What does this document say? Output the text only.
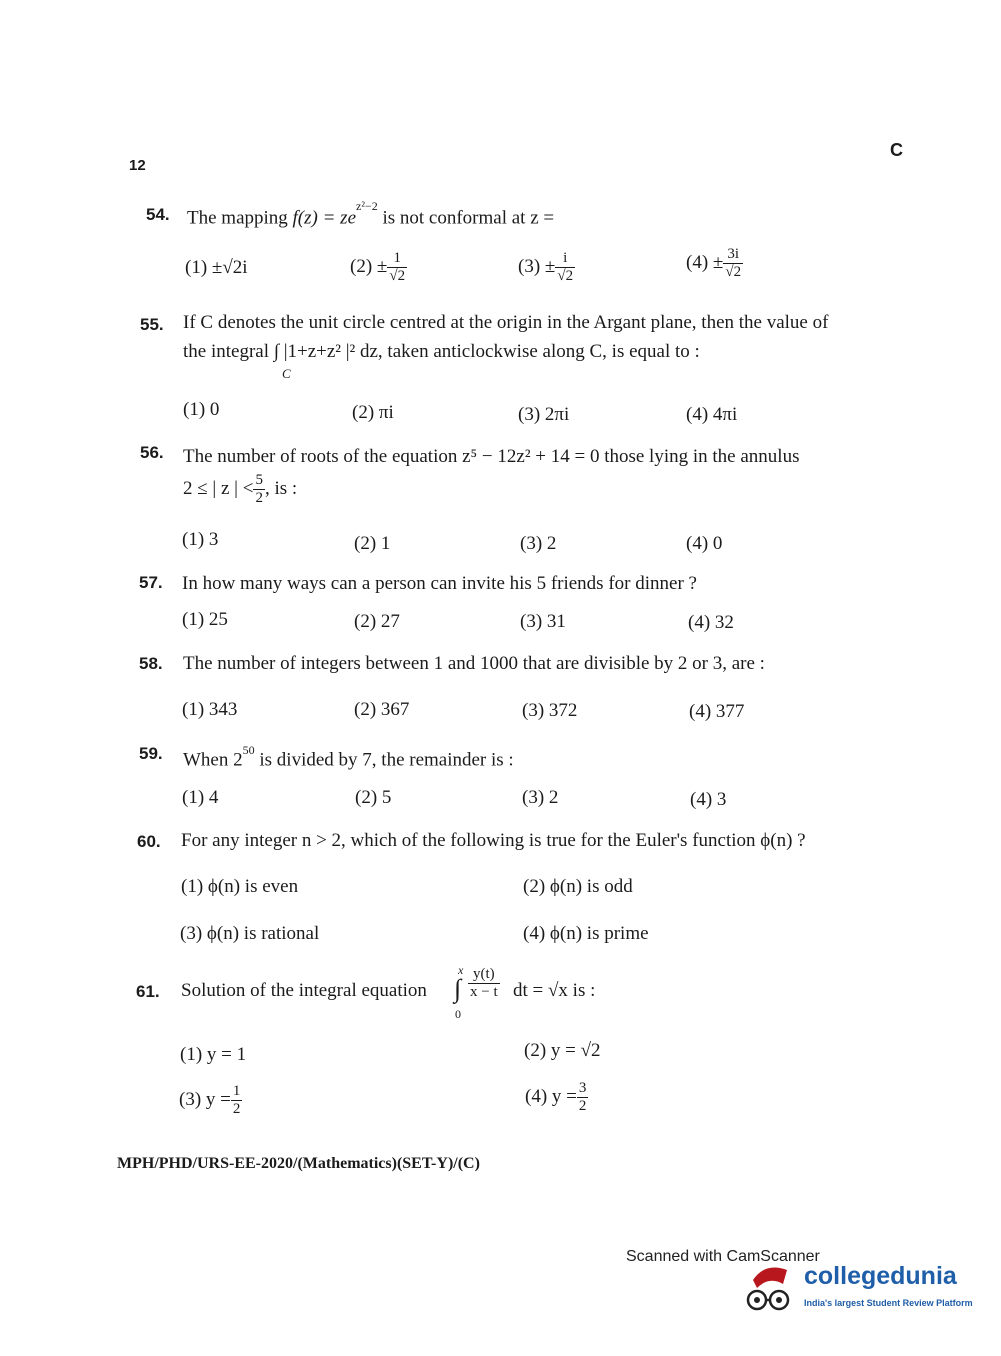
12
C
54. The mapping $f(z) = ze^{z^2-2}$ is not conformal at z =
(1) ±√2i	$(2) \pm \frac{1}{√2}$	$(3) \pm \frac{i}{√2}$	$(4) \pm \frac{3i}{√2}$
55. If C denotes the unit circle centred at the origin in the Argant plane, then the value of
the integral ∫ |1+z+z² |² dz, taken anticlockwise along C, is equal to :
C
(1) 0	(2) πi	(3) 2πi	(4) 4πi
56. The number of roots of the equation z⁵ − 12z² + 14 = 0 those lying in the annulus
2 ≤ | z | < $\frac{5}{2}$ , is :
(1) 3	(2) 1	(3) 2	(4) 0
57. In how many ways can a person can invite his 5 friends for dinner ?
(1) 25	(2) 27	(3) 31	(4) 32
58. The number of integers between 1 and 1000 that are divisible by 2 or 3, are :
(1) 343	(2) 367	(3) 372	(4) 377
59. When $2^{50}$ is divided by 7, the remainder is :
(1) 4	(2) 5	(3) 2	(4) 3
60. For any integer n > 2, which of the following is true for the Euler's function ϕ(n) ?
(1) ϕ(n) is even	(2) ϕ(n) is odd
(3) ϕ(n) is rational	(4) ϕ(n) is prime
61. Solution of the integral equation
x
∫
0
$\frac{y(t)}{x - t}$ dt = √x is :
(1) y = 1	(2) y = √2
(3) $y = \frac{1}{2}$	(4) $y = \frac{3}{2}$
MPH/PHD/URS-EE-2020/(Mathematics)(SET-Y)/(C)
Scanned with CamScanner
collegedunia
India's largest Student Review Platform
